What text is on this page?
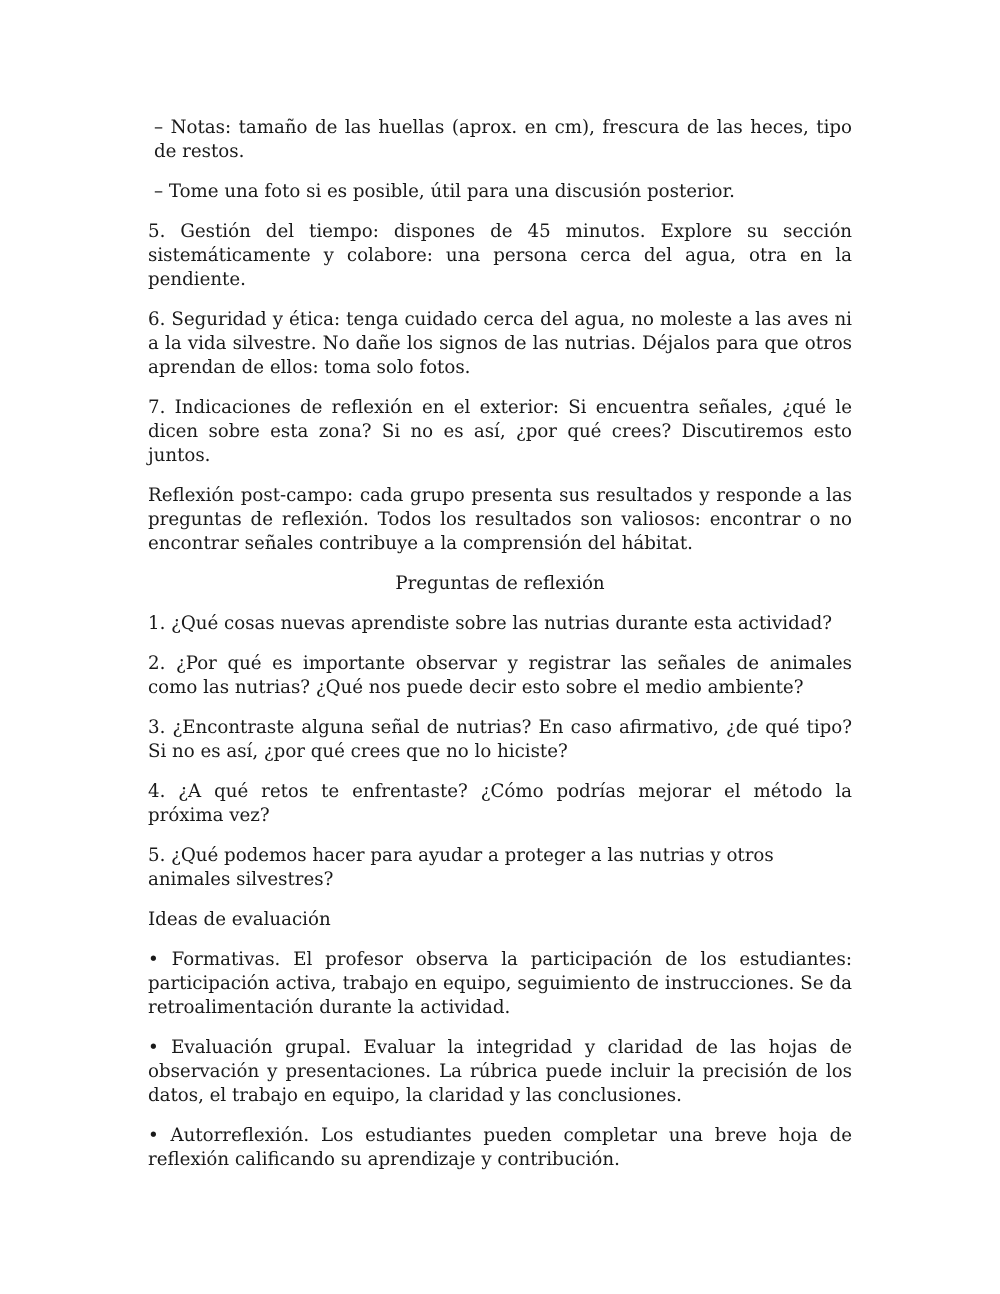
– Notas: tamaño de las huellas (aprox. en cm), frescura de las heces, tipo de restos.

– Tome una foto si es posible, útil para una discusión posterior.

5. Gestión del tiempo: dispones de 45 minutos. Explore su sección sistemáticamente y colabore: una persona cerca del agua, otra en la pendiente.

6. Seguridad y ética: tenga cuidado cerca del agua, no moleste a las aves ni a la vida silvestre. No dañe los signos de las nutrias. Déjalos para que otros aprendan de ellos: toma solo fotos.

7. Indicaciones de reflexión en el exterior: Si encuentra señales, ¿qué le dicen sobre esta zona? Si no es así, ¿por qué crees? Discutiremos esto juntos.

Reflexión post-campo: cada grupo presenta sus resultados y responde a las preguntas de reflexión. Todos los resultados son valiosos: encontrar o no encontrar señales contribuye a la comprensión del hábitat.

Preguntas de reflexión

1. ¿Qué cosas nuevas aprendiste sobre las nutrias durante esta actividad?

2. ¿Por qué es importante observar y registrar las señales de animales como las nutrias? ¿Qué nos puede decir esto sobre el medio ambiente?

3. ¿Encontraste alguna señal de nutrias? En caso afirmativo, ¿de qué tipo? Si no es así, ¿por qué crees que no lo hiciste?

4. ¿A qué retos te enfrentaste? ¿Cómo podrías mejorar el método la próxima vez?

5. ¿Qué podemos hacer para ayudar a proteger a las nutrias y otros animales silvestres?

Ideas de evaluación

• Formativas. El profesor observa la participación de los estudiantes: participación activa, trabajo en equipo, seguimiento de instrucciones. Se da retroalimentación durante la actividad.

• Evaluación grupal. Evaluar la integridad y claridad de las hojas de observación y presentaciones. La rúbrica puede incluir la precisión de los datos, el trabajo en equipo, la claridad y las conclusiones.

• Autorreflexión. Los estudiantes pueden completar una breve hoja de reflexión calificando su aprendizaje y contribución.
